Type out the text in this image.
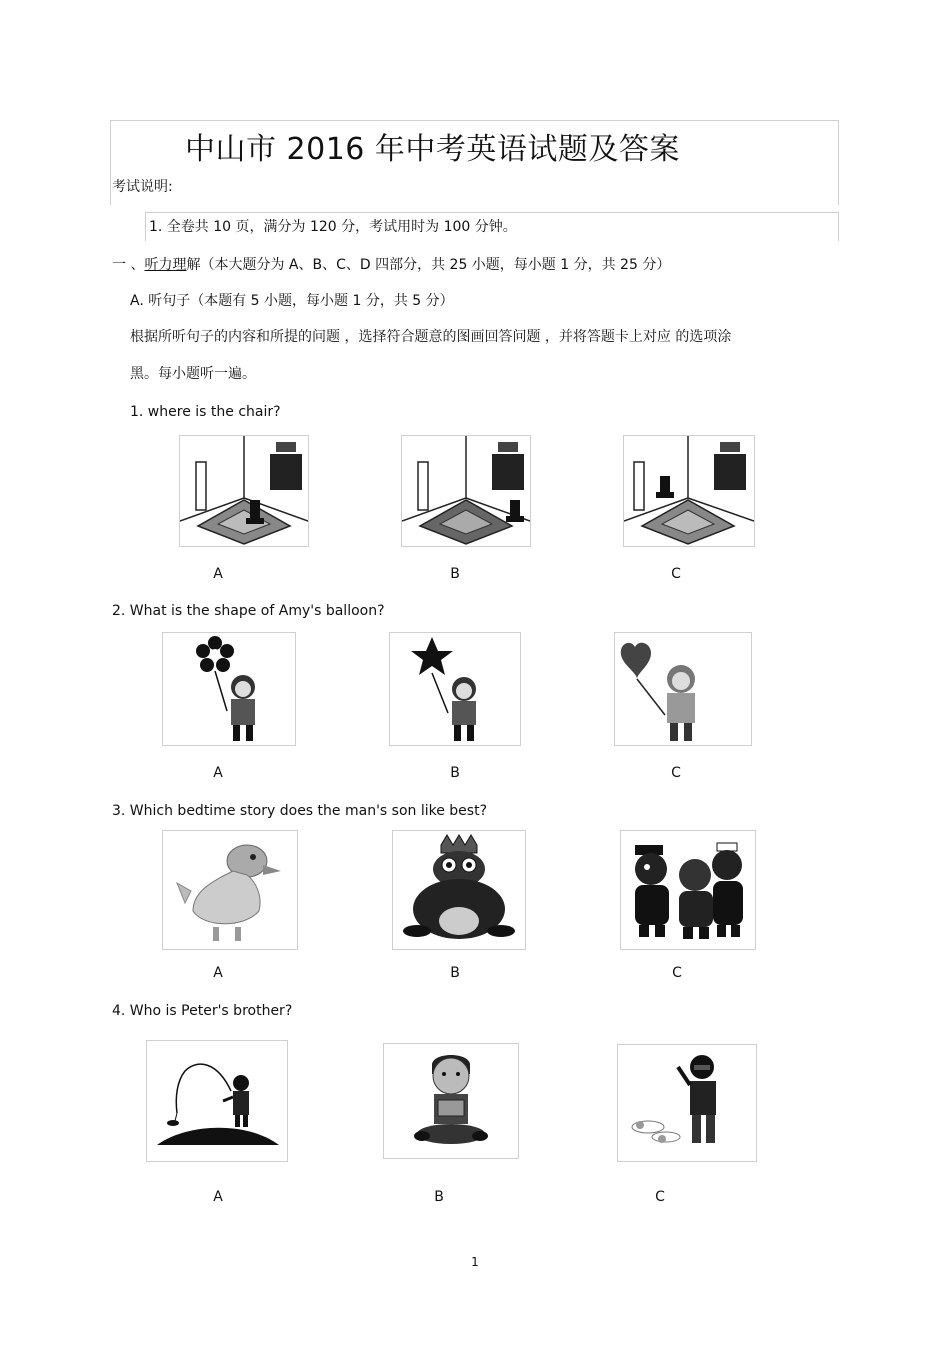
中山市 2016 年中考英语试题及答案
考试说明:
1. 全卷共 10 页，满分为 120 分，考试用时为 100 分钟。
一 、听力理解（本大题分为 A、B、C、D 四部分，共 25 小题，每小题 1 分，共 25 分）
A. 听句子（本题有 5 小题，每小题 1 分，共 5 分）
根据所听句子的内容和所提的问题 ，选择符合题意的图画回答问题 ，并将答题卡上对应 的选项涂
黑。每小题听一遍。
1. where is the chair?
A	B	C
2. What is the shape of Amy's balloon?
A	B	C
3. Which bedtime story does the man's son like best?
A	B	C
4. Who is Peter's brother?
A	B	C
1
